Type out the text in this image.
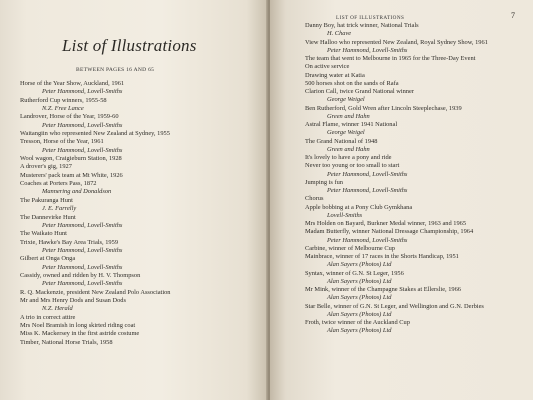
List of Illustrations

BETWEEN PAGES 16 AND 65

Horse of the Year Show, Auckland, 1961
Peter Hammond, Lovell-Smiths
Rutherford Cup winners, 1955-58
N.Z. Free Lance
Landrover, Horse of the Year, 1959-60
Peter Hammond, Lovell-Smiths
Waitangiin who represented New Zealand at Sydney, 1955
Tresson, Horse of the Year, 1961
Peter Hammond, Lovell-Smiths
Wool wagon, Craigieburn Station, 1928
A drover's gig, 1927
Musterers' pack team at Mt White, 1926
Coaches at Porters Pass, 1872
Mannering and Donaldson
The Pakuranga Hunt
J. E. Farrelly
The Dannevirke Hunt
Peter Hammond, Lovell-Smiths
The Waikato Hunt
Trixie, Hawke's Bay Area Trials, 1959
Peter Hammond, Lovell-Smiths
Gilbert at Onga Onga
Peter Hammond, Lovell-Smiths
Cassidy, owned and ridden by H. V. Thompson
Peter Hammond, Lovell-Smiths
R. Q. Mackenzie, president New Zealand Polo Association
Mr and Mrs Henry Dods and Susan Dods
N.Z. Herald
A trio in correct attire
Mrs Noel Bramish in long skirted riding coat
Miss K. Mackersey in the first astride costume
Timber, National Horse Trials, 1958

LIST OF ILLUSTRATIONS	7

Danny Boy, hat trick winner, National Trials
H. Chave
View Halloo who represented New Zealand, Royal Sydney Show, 1961
Peter Hammond, Lovell-Smiths
The team that went to Melbourne in 1965 for the Three-Day Event
On active service
Drawing water at Katia
500 horses shot on the sands of Rafa
Clarion Call, twice Grand National winner
George Weigel
Ben Rutherford, Gold Wren after Lincoln Steeplechase, 1939
Green and Hahn
Astral Flame, winner 1941 National
George Weigel
The Grand National of 1948
Green and Hahn
It's lovely to have a pony and ride
Never too young or too small to start
Peter Hammond, Lovell-Smiths
Jumping is fun
Peter Hammond, Lovell-Smiths
Chorus
Apple bobbing at a Pony Club Gymkhana
Lovell-Smiths
Mrs Holden on Bayard, Burkner Medal winner, 1963 and 1965
Madam Butterfly, winner National Dressage Championship, 1964
Peter Hammond, Lovell-Smiths
Carbine, winner of Melbourne Cup
Mainbrace, winner of 17 races in the Shorts Handicap, 1951
Alan Sayers (Photos) Ltd
Syntax, winner of G.N. St Leger, 1956
Alan Sayers (Photos) Ltd
Mr Mink, winner of the Champagne Stakes at Ellerslie, 1966
Alan Sayers (Photos) Ltd
Star Belle, winner of G.N. St Leger, and Wellington and G.N. Derbies
Alan Sayers (Photos) Ltd
Froth, twice winner of the Auckland Cup
Alan Sayers (Photos) Ltd
